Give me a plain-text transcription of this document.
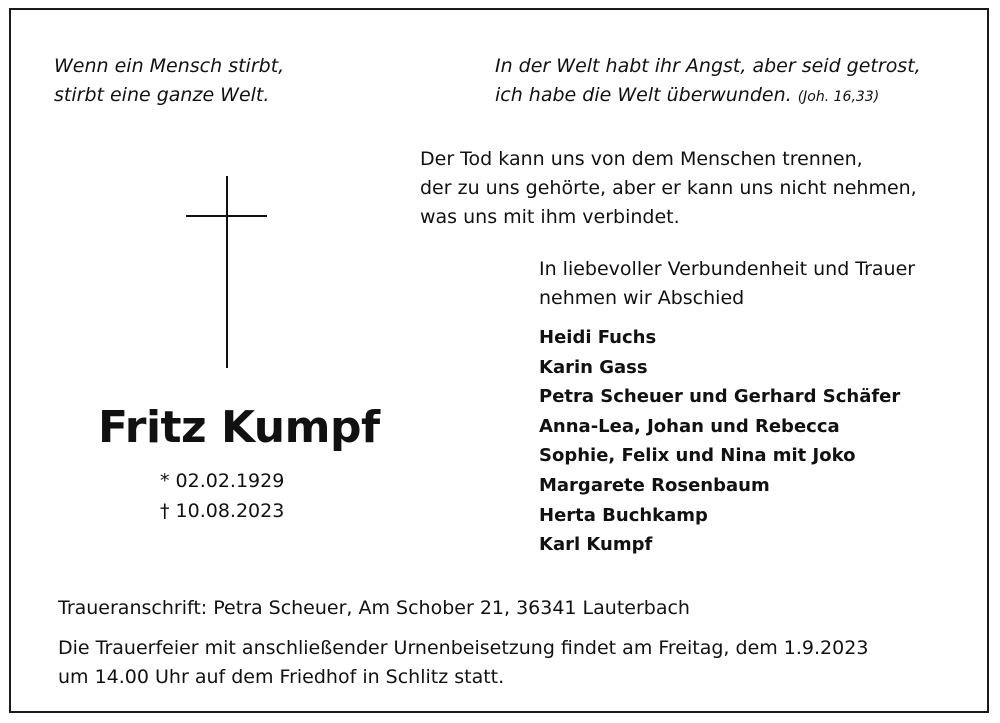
Wenn ein Mensch stirbt,
stirbt eine ganze Welt.
In der Welt habt ihr Angst, aber seid getrost,
ich habe die Welt überwunden. (Joh. 16,33)
Der Tod kann uns von dem Menschen trennen,
der zu uns gehörte, aber er kann uns nicht nehmen,
was uns mit ihm verbindet.
In liebevoller Verbundenheit und Trauer
nehmen wir Abschied
Heidi Fuchs
Karin Gass
Petra Scheuer und Gerhard Schäfer
Anna-Lea, Johan und Rebecca
Sophie, Felix und Nina mit Joko
Margarete Rosenbaum
Herta Buchkamp
Karl Kumpf
Fritz Kumpf
* 02.02.1929
† 10.08.2023
Traueranschrift: Petra Scheuer, Am Schober 21, 36341 Lauterbach
Die Trauerfeier mit anschließender Urnenbeisetzung findet am Freitag, dem 1.9.2023
um 14.00 Uhr auf dem Friedhof in Schlitz statt.
